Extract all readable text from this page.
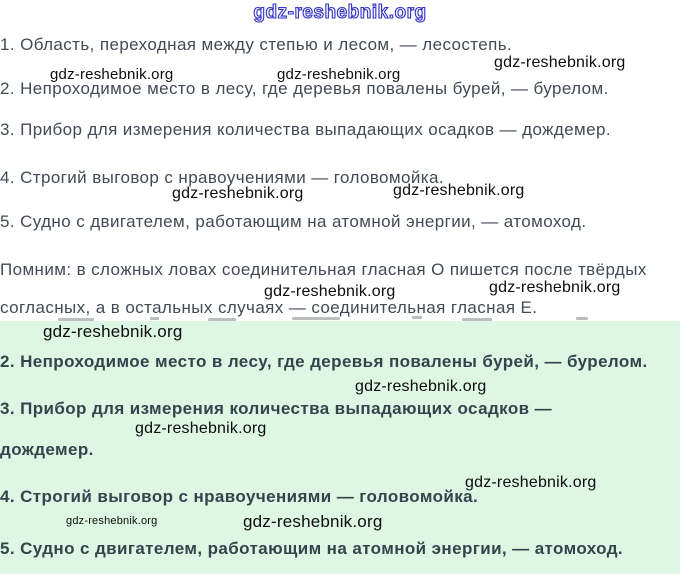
gdz-reshebnik.org
1. Область, переходная между степью и лесом, — лесостепь.
gdz-reshebnik.org	gdz-reshebnik.org
gdz-reshebnik.org
2. Непроходимое место в лесу, где деревья повалены бурей, — бурелом.
3. Прибор для измерения количества выпадающих осадков — дождемер.
4. Строгий выговор с нравоучениями — головомойка.
gdz-reshebnik.org	gdz-reshebnik.org
5. Судно с двигателем, работающим на атомной энергии, — атомоход.
Помним: в сложных ловах соединительная гласная О пишется после твёрдых
gdz-reshebnik.org	gdz-reshebnik.org
согласных, а в остальных случаях — соединительная гласная Е.
gdz-reshebnik.org
2. Непроходимое место в лесу, где деревья повалены бурей, — бурелом.
gdz-reshebnik.org
3. Прибор для измерения количества выпадающих осадков —
gdz-reshebnik.org
дождемер.
gdz-reshebnik.org
4. Строгий выговор с нравоучениями — головомойка.
gdz-reshebnik.org	gdz-reshebnik.org
5. Судно с двигателем, работающим на атомной энергии, — атомоход.
